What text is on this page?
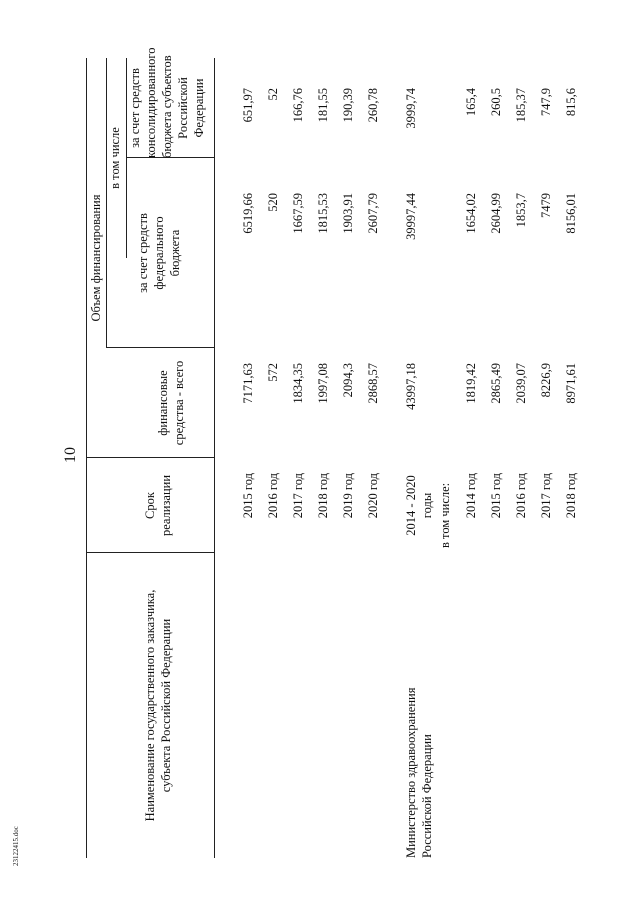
10
23122415.doc
Наименование государственного заказчика, субъекта Российской Федерации
Срок реализации
Объем финансирования
финансовые средства - всего
в том числе
за счет средств федерального бюджета
за счет средств консолидированного бюджета субъектов Российской Федерации
2015 год
7171,63
6519,66
651,97
2016 год
572
520
52
2017 год
1834,35
1667,59
166,76
2018 год
1997,08
1815,53
181,55
2019 год
2094,3
1903,91
190,39
2020 год
2868,57
2607,79
260,78
Министерство здравоохранения Российской Федерации
2014 - 2020 годы
43997,18
39997,44
3999,74
в том числе: 2014 год
1819,42
1654,02
165,4
2015 год
2865,49
2604,99
260,5
2016 год
2039,07
1853,7
185,37
2017 год
8226,9
7479
747,9
2018 год
8971,61
8156,01
815,6
